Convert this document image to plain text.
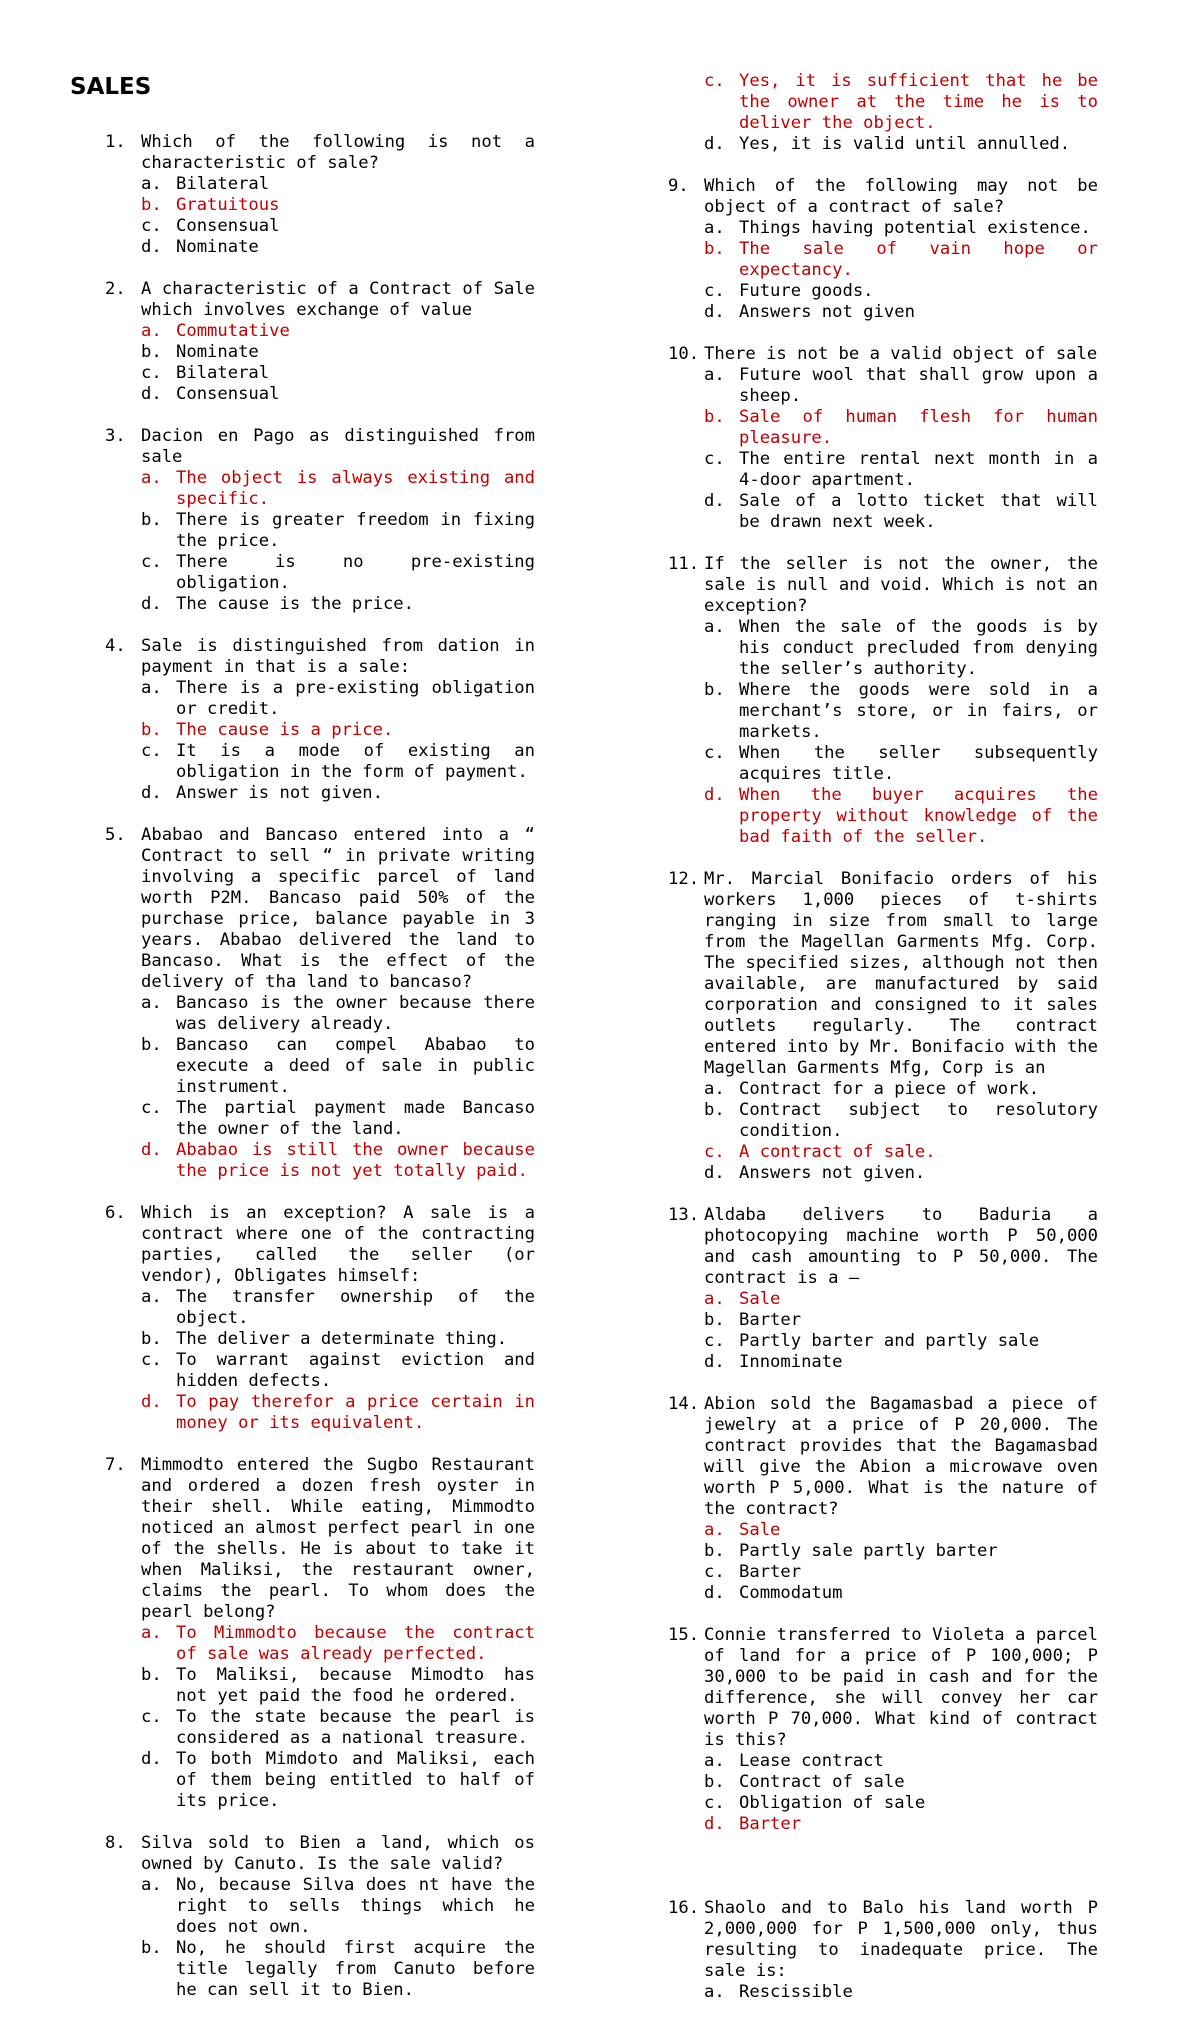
SALES
1. Which of the following is not a characteristic of sale?
a. Bilateral
b. Gratuitous
c. Consensual
d. Nominate
2. A characteristic of a Contract of Sale which involves exchange of value
a. Commutative
b. Nominate
c. Bilateral
d. Consensual
3. Dacion en Pago as distinguished from sale
a. The object is always existing and specific.
b. There is greater freedom in fixing the price.
c. There is no pre-existing obligation.
d. The cause is the price.
4. Sale is distinguished from dation in payment in that is a sale:
a. There is a pre-existing obligation or credit.
b. The cause is a price.
c. It is a mode of existing an obligation in the form of payment.
d. Answer is not given.
5. Ababao and Bancaso entered into a “ Contract to sell “ in private writing involving a specific parcel of land worth P2M. Bancaso paid 50% of the purchase price, balance payable in 3 years. Ababao delivered the land to Bancaso. What is the effect of the delivery of tha land to bancaso?
a. Bancaso is the owner because there was delivery already.
b. Bancaso can compel Ababao to execute a deed of sale in public instrument.
c. The partial payment made Bancaso the owner of the land.
d. Ababao is still the owner because the price is not yet totally paid.
6. Which is an exception? A sale is a contract where one of the contracting parties, called the seller (or vendor), Obligates himself:
a. The transfer ownership of the object.
b. The deliver a determinate thing.
c. To warrant against eviction and hidden defects.
d. To pay therefor a price certain in money or its equivalent.
7. Mimmodto entered the Sugbo Restaurant and ordered a dozen fresh oyster in their shell. While eating, Mimmodto noticed an almost perfect pearl in one of the shells. He is about to take it when Maliksi, the restaurant owner, claims the pearl. To whom does the pearl belong?
a. To Mimmodto because the contract of sale was already perfected.
b. To Maliksi, because Mimodto has not yet paid the food he ordered.
c. To the state because the pearl is considered as a national treasure.
d. To both Mimdoto and Maliksi, each of them being entitled to half of its price.
8. Silva sold to Bien a land, which os owned by Canuto. Is the sale valid?
a. No, because Silva does nt have the right to sells things which he does not own.
b. No, he should first acquire the title legally from Canuto before he can sell it to Bien.
c. Yes, it is sufficient that he be the owner at the time he is to deliver the object.
d. Yes, it is valid until annulled.
9. Which of the following may not be object of a contract of sale?
a. Things having potential existence.
b. The sale of vain hope or expectancy.
c. Future goods.
d. Answers not given
10. There is not be a valid object of sale
a. Future wool that shall grow upon a sheep.
b. Sale of human flesh for human pleasure.
c. The entire rental next month in a 4-door apartment.
d. Sale of a lotto ticket that will be drawn next week.
11. If the seller is not the owner, the sale is null and void. Which is not an exception?
a. When the sale of the goods is by his conduct precluded from denying the seller’s authority.
b. Where the goods were sold in a merchant’s store, or in fairs, or markets.
c. When the seller subsequently acquires title.
d. When the buyer acquires the property without knowledge of the bad faith of the seller.
12. Mr. Marcial Bonifacio orders of his workers 1,000 pieces of t-shirts ranging in size from small to large from the Magellan Garments Mfg. Corp. The specified sizes, although not then available, are manufactured by said corporation and consigned to it sales outlets regularly. The contract entered into by Mr. Bonifacio with the Magellan Garments Mfg, Corp is an
a. Contract for a piece of work.
b. Contract subject to resolutory condition.
c. A contract of sale.
d. Answers not given.
13. Aldaba delivers to Baduria a photocopying machine worth P 50,000 and cash amounting to P 50,000. The contract is a –
a. Sale
b. Barter
c. Partly barter and partly sale
d. Innominate
14. Abion sold the Bagamasbad a piece of jewelry at a price of P 20,000. The contract provides that the Bagamasbad will give the Abion a microwave oven worth P 5,000. What is the nature of the contract?
a. Sale
b. Partly sale partly barter
c. Barter
d. Commodatum
15. Connie transferred to Violeta a parcel of land for a price of P 100,000; P 30,000 to be paid in cash and for the difference, she will convey her car worth P 70,000. What kind of contract is this?
a. Lease contract
b. Contract of sale
c. Obligation of sale
d. Barter
16. Shaolo and to Balo his land worth P 2,000,000 for P 1,500,000 only, thus resulting to inadequate price. The sale is:
a. Rescissible
